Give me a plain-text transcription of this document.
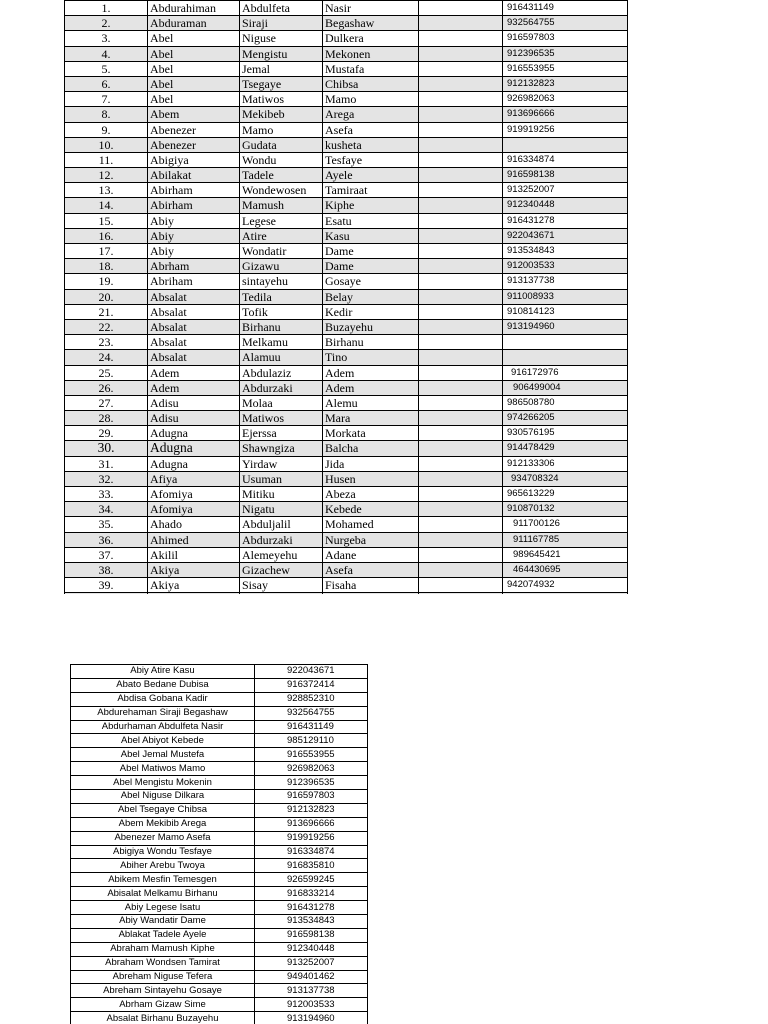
1.	Abdurahiman	Abdulfeta	Nasir		916431149
2.	Abduraman	Siraji	Begashaw		932564755
3.	Abel	Niguse	Dulkera		916597803
4.	Abel	Mengistu	Mekonen		912396535
5.	Abel	Jemal	Mustafa		916553955
6.	Abel	Tsegaye	Chibsa		912132823
7.	Abel	Matiwos	Mamo		926982063
8.	Abem	Mekibeb	Arega		913696666
9.	Abenezer	Mamo	Asefa		919919256
10.	Abenezer	Gudata	kusheta		
11.	Abigiya	Wondu	Tesfaye		916334874
12.	Abilakat	Tadele	Ayele		916598138
13.	Abirham	Wondewosen	Tamiraat		913252007
14.	Abirham	Mamush	Kiphe		912340448
15.	Abiy	Legese	Esatu		916431278
16.	Abiy	Atire	Kasu		922043671
17.	Abiy	Wondatir	Dame		913534843
18.	Abrham	Gizawu	Dame		912003533
19.	Abriham	sintayehu	Gosaye		913137738
20.	Absalat	Tedila	Belay		911008933
21.	Absalat	Tofik	Kedir		910814123
22.	Absalat	Birhanu	Buzayehu		913194960
23.	Absalat	Melkamu	Birhanu		
24.	Absalat	Alamuu	Tino		
25.	Adem	Abdulaziz	Adem		916172976
26.	Adem	Abdurzaki	Adem		906499004
27.	Adisu	Molaa	Alemu		986508780
28.	Adisu	Matiwos	Mara		974266205
29.	Adugna	Ejerssa	Morkata		930576195
30.	Adugna	Shawngiza	Balcha		914478429
31.	Adugna	Yirdaw	Jida		912133306
32.	Afiya	Usuman	Husen		934708324
33.	Afomiya	Mitiku	Abeza		965613229
34.	Afomiya	Nigatu	Kebede		910870132
35.	Ahado	Abduljalil	Mohamed		911700126
36.	Ahimed	Abdurzaki	Nurgeba		911167785
37.	Akilil	Alemeyehu	Adane		989645421
38.	Akiya	Gizachew	Asefa		464430695
39.	Akiya	Sisay	Fisaha		942074932

Abiy Atire Kasu	922043671
Abato Bedane Dubisa	916372414
Abdisa Gobana Kadir	928852310
Abdurehaman Siraji Begashaw	932564755
Abdurhaman Abdulfeta Nasir	916431149
Abel Abiyot Kebede	985129110
Abel Jemal Mustefa	916553955
Abel Matiwos Mamo	926982063
Abel Mengistu Mokenin	912396535
Abel Niguse Dilkara	916597803
Abel Tsegaye Chibsa	912132823
Abem Mekibib Arega	913696666
Abenezer Mamo Asefa	919919256
Abigiya Wondu Tesfaye	916334874
Abiher Arebu Twoya	916835810
Abikem Mesfin Temesgen	926599245
Abisalat Melkamu Birhanu	916833214
Abiy Legese Isatu	916431278
Abiy Wandatir Dame	913534843
Ablakat Tadele Ayele	916598138
Abraham Mamush Kiphe	912340448
Abraham Wondsen Tamirat	913252007
Abreham Niguse Tefera	949401462
Abreham Sintayehu Gosaye	913137738
Abrham Gizaw Sime	912003533
Absalat Birhanu Buzayehu	913194960
